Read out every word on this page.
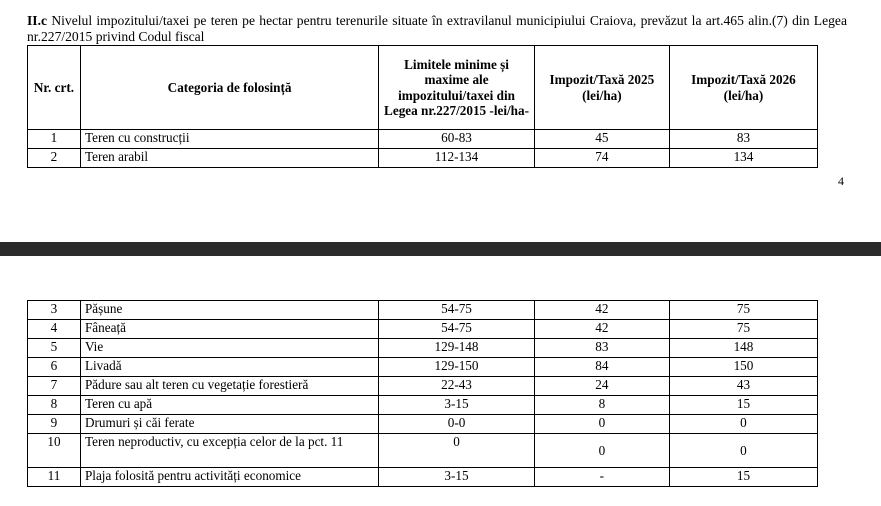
II.c Nivelul impozitului/taxei pe teren pe hectar pentru terenurile situate în extravilanul municipiului Craiova, prevăzut la art.465 alin.(7) din Legea nr.227/2015 privind Codul fiscal
Nr. crt.	Categoria de folosință	Limitele minime și maxime ale impozitului/taxei din Legea nr.227/2015 -lei/ha-	Impozit/Taxă 2025 (lei/ha)	Impozit/Taxă 2026 (lei/ha)
1	Teren cu construcții	60-83	45	83
2	Teren arabil	112-134	74	134
4
3	Pășune	54-75	42	75
4	Fâneață	54-75	42	75
5	Vie	129-148	83	148
6	Livadă	129-150	84	150
7	Pădure sau alt teren cu vegetație forestieră	22-43	24	43
8	Teren cu apă	3-15	8	15
9	Drumuri și căi ferate	0-0	0	0
10	Teren neproductiv, cu excepția celor de la pct. 11	0	0	0
11	Plaja folosită pentru activități economice	3-15	-	15
